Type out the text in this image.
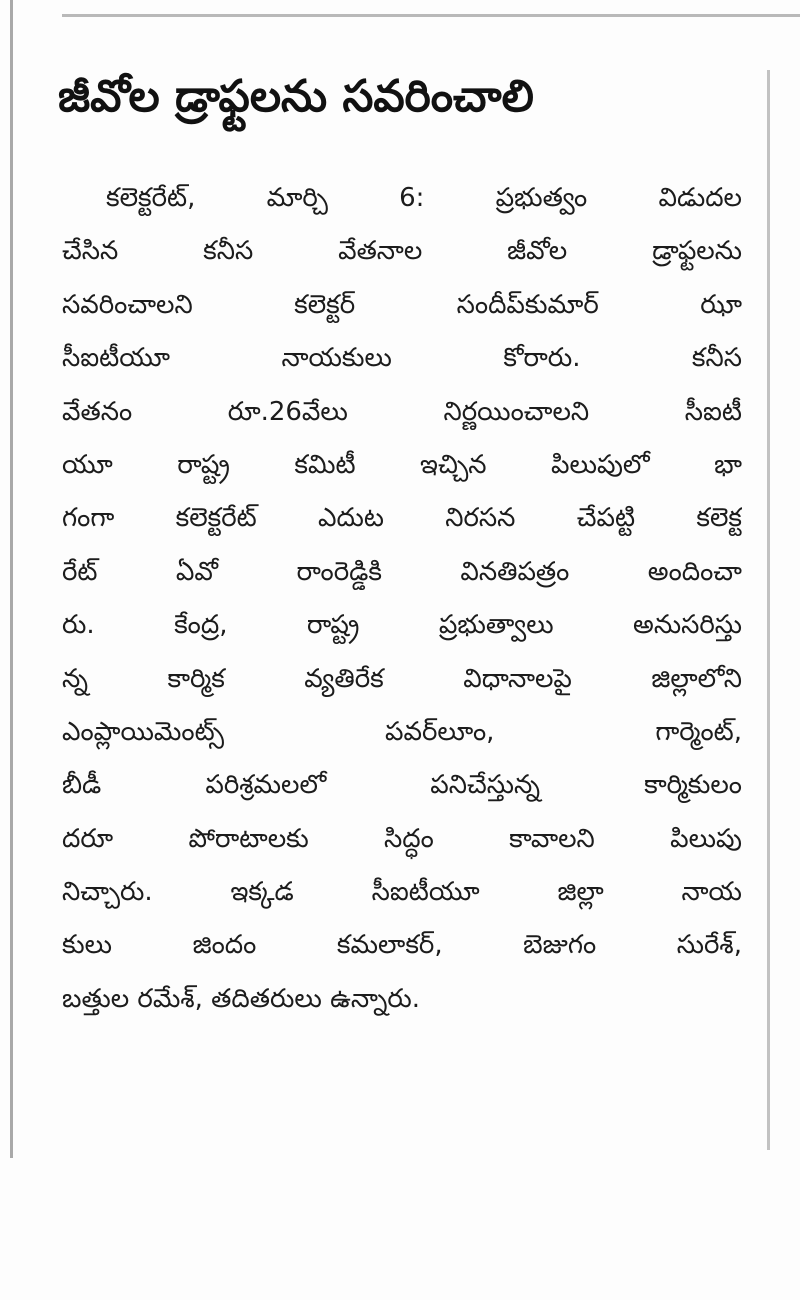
జీవోల డ్రాఫ్టలను సవరించాలి
కలెక్టరేట్, మార్చి 6: ప్రభుత్వం విడుదల
చేసిన కనీస వేతనాల జీవోల డ్రాఫ్టలను
సవరించాలని కలెక్టర్ సందీప్‌కుమార్ ఝా
సీఐటీయూ నాయకులు కోరారు. కనీస
వేతనం రూ.26వేలు నిర్ణయించాలని సీఐటీ
యూ రాష్ట్ర కమిటీ ఇచ్చిన పిలుపులో భా
గంగా కలెక్టరేట్ ఎదుట నిరసన చేపట్టి కలెక్ట
రేట్ ఏవో రాంరెడ్డికి వినతిపత్రం అందించా
రు. కేంద్ర, రాష్ట్ర ప్రభుత్వాలు అనుసరిస్తు
న్న కార్మిక వ్యతిరేక విధానాలపై జిల్లాలోని
ఎంప్లాయిమెంట్స్ పవర్‌లూం, గార్మెంట్,
బీడీ పరిశ్రమలలో పనిచేస్తున్న కార్మికులం
దరూ పోరాటాలకు సిద్ధం కావాలని పిలుపు
నిచ్చారు. ఇక్కడ సీఐటీయూ జిల్లా నాయ
కులు జిందం కమలాకర్, బెజుగం సురేశ్,
బత్తుల రమేశ్, తదితరులు ఉన్నారు.
